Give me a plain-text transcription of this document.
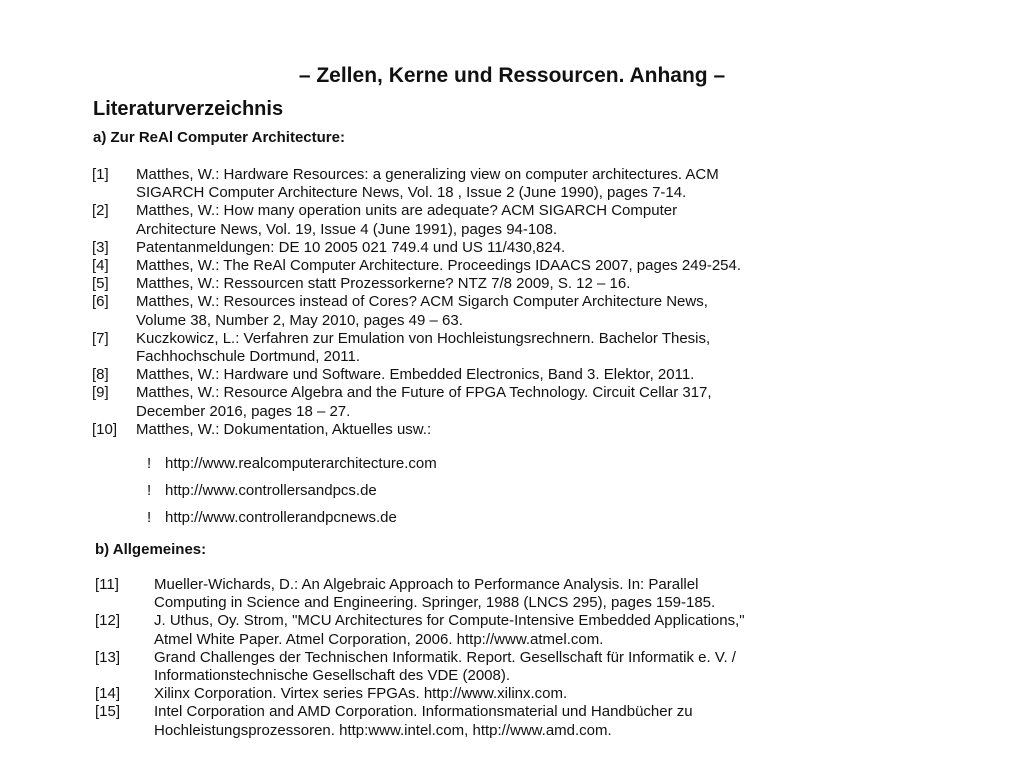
– Zellen, Kerne und Ressourcen. Anhang –
Literaturverzeichnis
a) Zur ReAl Computer Architecture:
[1] Matthes, W.: Hardware Resources: a generalizing view on computer architectures. ACM
SIGARCH Computer Architecture News, Vol. 18 , Issue 2 (June 1990), pages 7-14.
[2] Matthes, W.: How many operation units are adequate? ACM SIGARCH Computer
Architecture News, Vol. 19, Issue 4 (June 1991), pages 94-108.
[3] Patentanmeldungen: DE 10 2005 021 749.4 und US 11/430,824.
[4] Matthes, W.: The ReAl Computer Architecture. Proceedings IDAACS 2007, pages 249-254.
[5] Matthes, W.: Ressourcen statt Prozessorkerne? NTZ 7/8 2009, S. 12 – 16.
[6] Matthes, W.: Resources instead of Cores? ACM Sigarch Computer Architecture News,
Volume 38, Number 2, May 2010, pages 49 – 63.
[7] Kuczkowicz, L.: Verfahren zur Emulation von Hochleistungsrechnern. Bachelor Thesis,
Fachhochschule Dortmund, 2011.
[8] Matthes, W.: Hardware und Software. Embedded Electronics, Band 3. Elektor, 2011.
[9] Matthes, W.: Resource Algebra and the Future of FPGA Technology. Circuit Cellar 317,
December 2016, pages 18 – 27.
[10] Matthes, W.: Dokumentation, Aktuelles usw.:
! http://www.realcomputerarchitecture.com
! http://www.controllersandpcs.de
! http://www.controllerandpcnews.de
b) Allgemeines:
[11] Mueller-Wichards, D.: An Algebraic Approach to Performance Analysis. In: Parallel
Computing in Science and Engineering. Springer, 1988 (LNCS 295), pages 159-185.
[12] J. Uthus, Oy. Strom, "MCU Architectures for Compute-Intensive Embedded Applications,"
Atmel White Paper. Atmel Corporation, 2006. http://www.atmel.com.
[13] Grand Challenges der Technischen Informatik. Report. Gesellschaft für Informatik e. V. /
Informationstechnische Gesellschaft des VDE (2008).
[14] Xilinx Corporation. Virtex series FPGAs. http://www.xilinx.com.
[15] Intel Corporation and AMD Corporation. Informationsmaterial und Handbücher zu
Hochleistungsprozessoren. http:www.intel.com, http://www.amd.com.
